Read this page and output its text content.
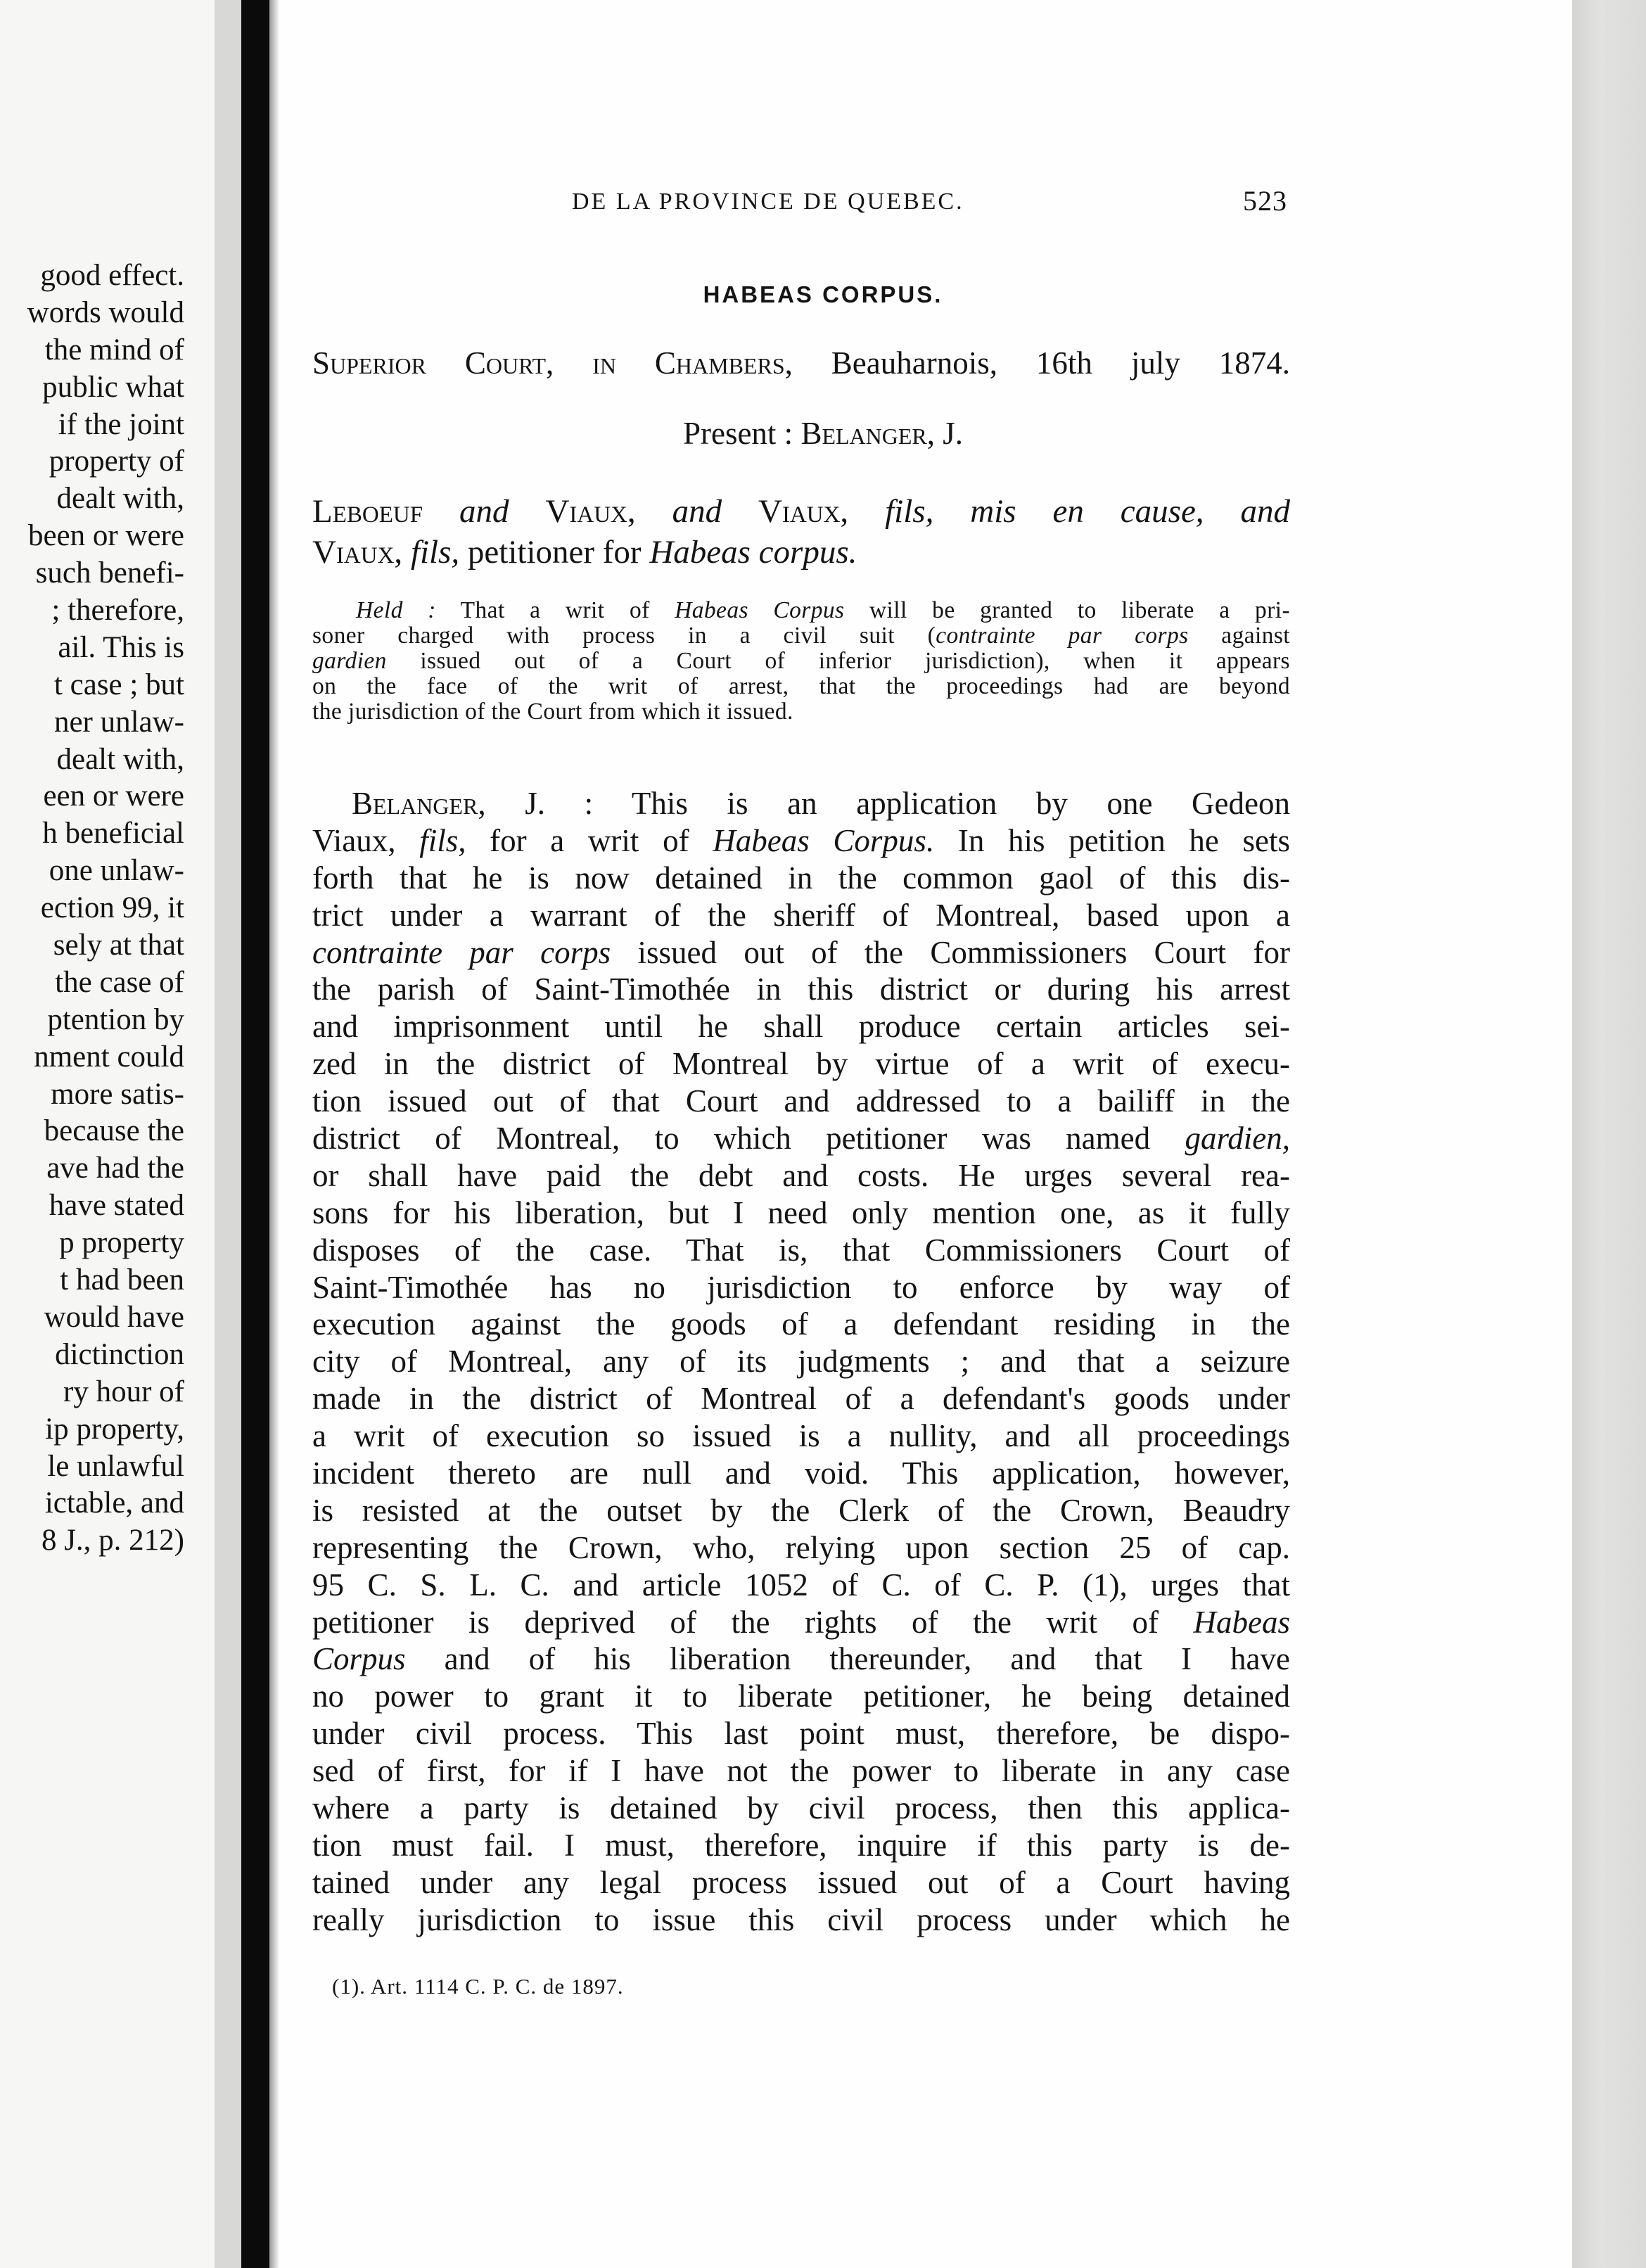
good effect.
words would
the mind of
public what
if the joint
property of
dealt with,
been or were
such benefi-
; therefore,
ail. This is
t case ; but
ner unlaw-
dealt with,
een or were
h beneficial
one unlaw-
ection 99, it
sely at that
the case of
ptention by
nment could
more satis-
because the
ave had the
have stated
p property
t had been
would have
dictinction
ry hour of
ip property,
le unlawful
ictable, and
8 J., p. 212)
DE LA PROVINCE DE QUEBEC.	523
HABEAS CORPUS.
Superior Court, in Chambers, Beauharnois, 16th july 1874.
Present : Belanger, J.
Leboeuf and Viaux, and Viaux, fils, mis en cause, and
Viaux, fils, petitioner for Habeas corpus.
Held : That a writ of Habeas Corpus will be granted to liberate a pri-
soner charged with process in a civil suit (contrainte par corps against
gardien issued out of a Court of inferior jurisdiction), when it appears
on the face of the writ of arrest, that the proceedings had are beyond
the jurisdiction of the Court from which it issued.
Belanger, J. : This is an application by one Gedeon
Viaux, fils, for a writ of Habeas Corpus. In his petition he sets
forth that he is now detained in the common gaol of this dis-
trict under a warrant of the sheriff of Montreal, based upon a
contrainte par corps issued out of the Commissioners Court for
the parish of Saint-Timothée in this district or during his arrest
and imprisonment until he shall produce certain articles sei-
zed in the district of Montreal by virtue of a writ of execu-
tion issued out of that Court and addressed to a bailiff in the
district of Montreal, to which petitioner was named gardien,
or shall have paid the debt and costs. He urges several rea-
sons for his liberation, but I need only mention one, as it fully
disposes of the case. That is, that Commissioners Court of
Saint-Timothée has no jurisdiction to enforce by way of
execution against the goods of a defendant residing in the
city of Montreal, any of its judgments ; and that a seizure
made in the district of Montreal of a defendant's goods under
a writ of execution so issued is a nullity, and all proceedings
incident thereto are null and void. This application, however,
is resisted at the outset by the Clerk of the Crown, Beaudry
representing the Crown, who, relying upon section 25 of cap.
95 C. S. L. C. and article 1052 of C. of C. P. (1), urges that
petitioner is deprived of the rights of the writ of Habeas
Corpus and of his liberation thereunder, and that I have
no power to grant it to liberate petitioner, he being detained
under civil process. This last point must, therefore, be dispo-
sed of first, for if I have not the power to liberate in any case
where a party is detained by civil process, then this applica-
tion must fail. I must, therefore, inquire if this party is de-
tained under any legal process issued out of a Court having
really jurisdiction to issue this civil process under which he
(1). Art. 1114 C. P. C. de 1897.
